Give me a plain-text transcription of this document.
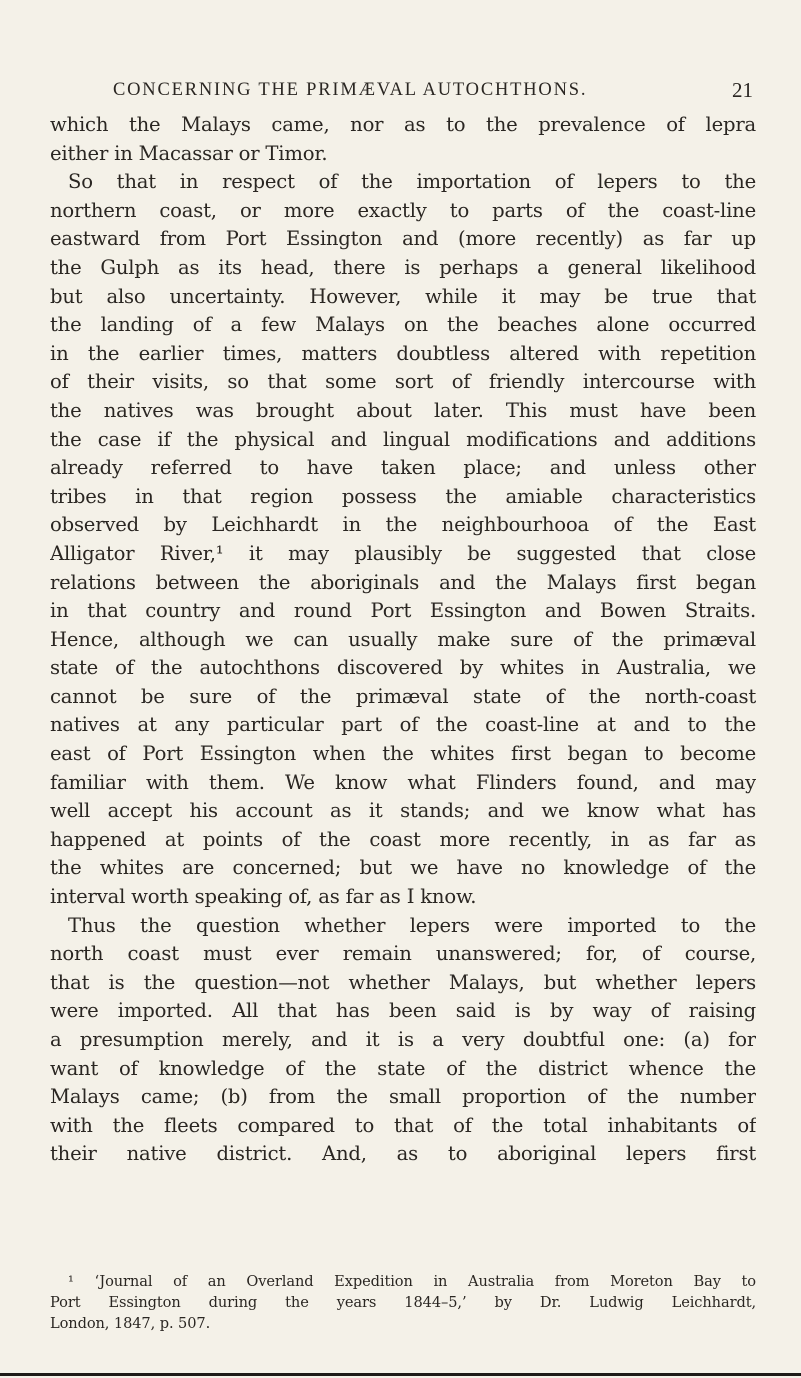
CONCERNING THE PRIMÆVAL AUTOCHTHONS.	21
which the Malays came, nor as to the prevalence of lepra
either in Macassar or Timor.
So that in respect of the importation of lepers to the
northern coast, or more exactly to parts of the coast-line
eastward from Port Essington and (more recently) as far up
the Gulph as its head, there is perhaps a general likelihood
but also uncertainty. However, while it may be true that
the landing of a few Malays on the beaches alone occurred
in the earlier times, matters doubtless altered with repetition
of their visits, so that some sort of friendly intercourse with
the natives was brought about later. This must have been
the case if the physical and lingual modifications and additions
already referred to have taken place; and unless other
tribes in that region possess the amiable characteristics
observed by Leichhardt in the neighbourhooa of the East
Alligator River,¹ it may plausibly be suggested that close
relations between the aboriginals and the Malays first began
in that country and round Port Essington and Bowen Straits.
Hence, although we can usually make sure of the primæval
state of the autochthons discovered by whites in Australia, we
cannot be sure of the primæval state of the north-coast
natives at any particular part of the coast-line at and to the
east of Port Essington when the whites first began to become
familiar with them. We know what Flinders found, and may
well accept his account as it stands; and we know what has
happened at points of the coast more recently, in as far as
the whites are concerned; but we have no knowledge of the
interval worth speaking of, as far as I know.
Thus the question whether lepers were imported to the
north coast must ever remain unanswered; for, of course,
that is the question—not whether Malays, but whether lepers
were imported. All that has been said is by way of raising
a presumption merely, and it is a very doubtful one: (a) for
want of knowledge of the state of the district whence the
Malays came; (b) from the small proportion of the number
with the fleets compared to that of the total inhabitants of
their native district. And, as to aboriginal lepers first
¹ ‘Journal of an Overland Expedition in Australia from Moreton Bay to
Port Essington during the years 1844–5,’ by Dr. Ludwig Leichhardt,
London, 1847, p. 507.
